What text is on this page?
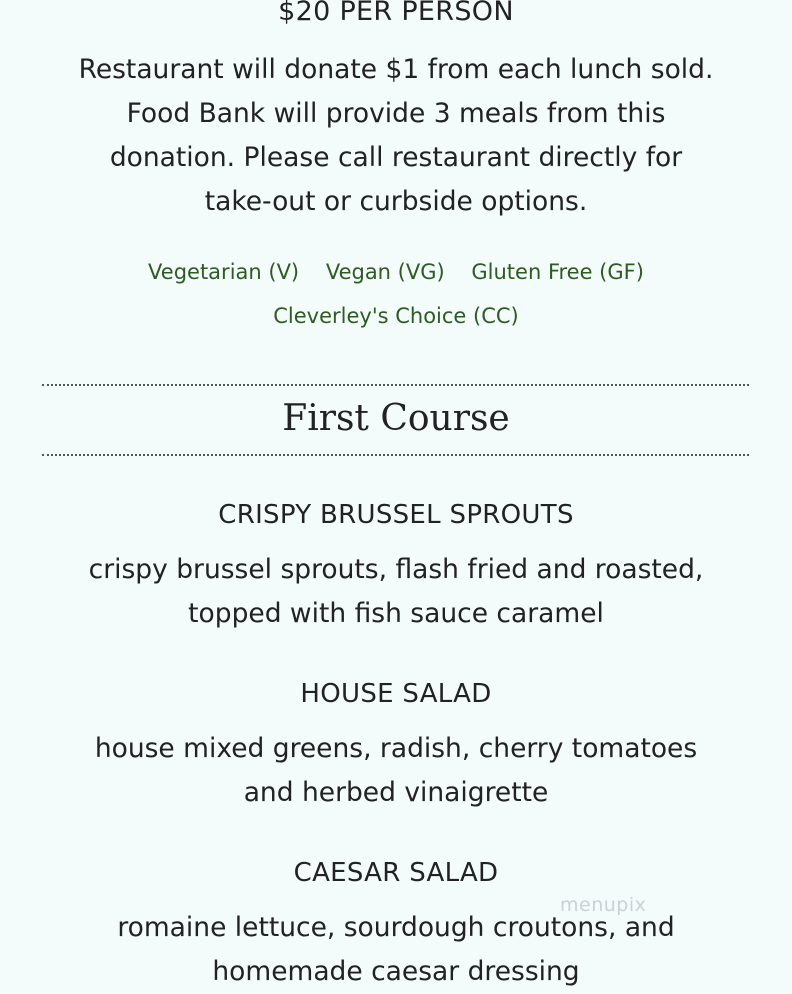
$20 PER PERSON
Restaurant will donate $1 from each lunch sold.
Food Bank will provide 3 meals from this
donation. Please call restaurant directly for
take-out or curbside options.
Vegetarian (V) Vegan (VG) Gluten Free (GF)
Cleverley's Choice (CC)
First Course
CRISPY BRUSSEL SPROUTS
crispy brussel sprouts, flash fried and roasted,
topped with fish sauce caramel
HOUSE SALAD
house mixed greens, radish, cherry tomatoes
and herbed vinaigrette
CAESAR SALAD
romaine lettuce, sourdough croutons, and
homemade caesar dressing
menupix
